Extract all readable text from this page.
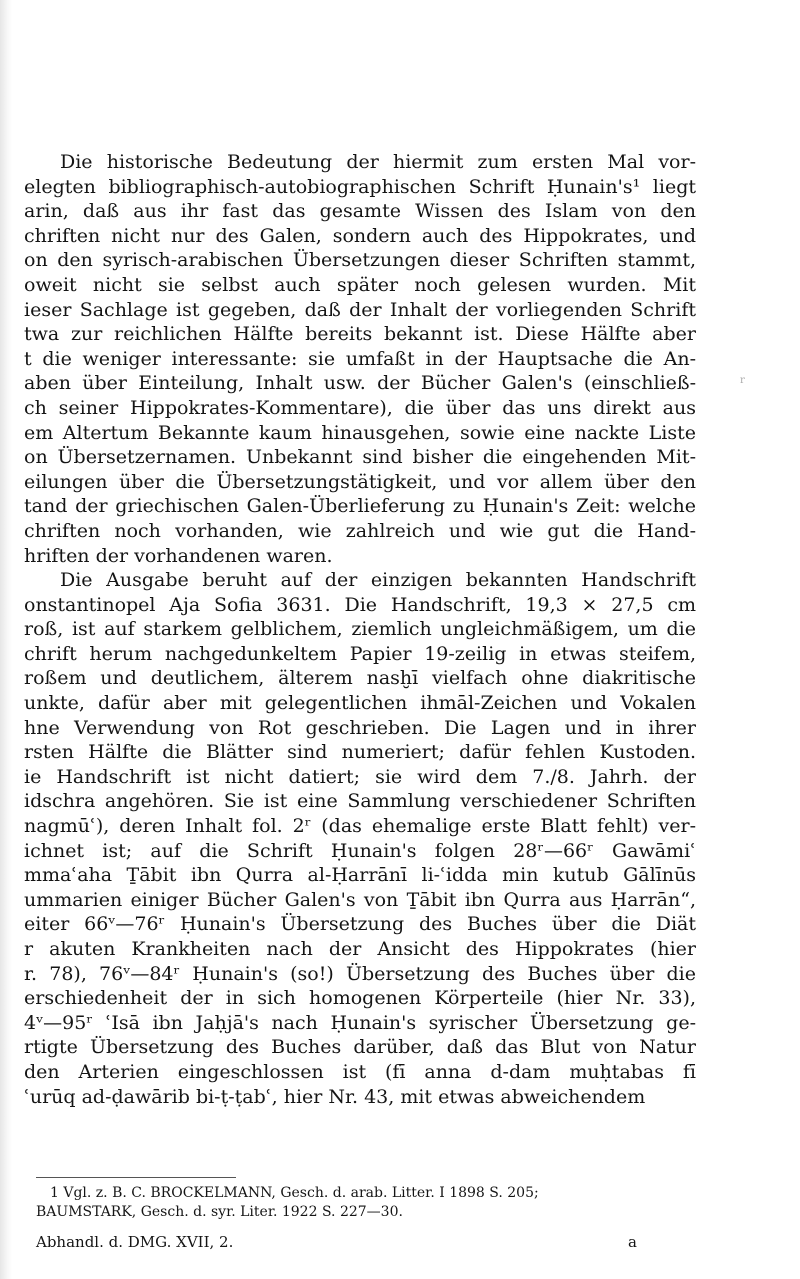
Die historische Bedeutung der hiermit zum ersten Mal vor-
elegten bibliographisch-autobiographischen Schrift Ḥunain's¹ liegt
arin, daß aus ihr fast das gesamte Wissen des Islam von den
chriften nicht nur des Galen, sondern auch des Hippokrates, und
on den syrisch-arabischen Übersetzungen dieser Schriften stammt,
oweit nicht sie selbst auch später noch gelesen wurden. Mit
ieser Sachlage ist gegeben, daß der Inhalt der vorliegenden Schrift
twa zur reichlichen Hälfte bereits bekannt ist. Diese Hälfte aber
t die weniger interessante: sie umfaßt in der Hauptsache die An-
aben über Einteilung, Inhalt usw. der Bücher Galen's (einschließ-
ch seiner Hippokrates-Kommentare), die über das uns direkt aus
em Altertum Bekannte kaum hinausgehen, sowie eine nackte Liste
on Übersetzernamen. Unbekannt sind bisher die eingehenden Mit-
eilungen über die Übersetzungstätigkeit, und vor allem über den
tand der griechischen Galen-Überlieferung zu Ḥunain's Zeit: welche
chriften noch vorhanden, wie zahlreich und wie gut die Hand-
hriften der vorhandenen waren.
Die Ausgabe beruht auf der einzigen bekannten Handschrift
onstantinopel Aja Sofia 3631. Die Handschrift, 19,3 × 27,5 cm
roß, ist auf starkem gelblichem, ziemlich ungleichmäßigem, um die
chrift herum nachgedunkeltem Papier 19-zeilig in etwas steifem,
roßem und deutlichem, älterem nasḫī vielfach ohne diakritische
unkte, dafür aber mit gelegentlichen ihmāl-Zeichen und Vokalen
hne Verwendung von Rot geschrieben. Die Lagen und in ihrer
rsten Hälfte die Blätter sind numeriert; dafür fehlen Kustoden.
ie Handschrift ist nicht datiert; sie wird dem 7./8. Jahrh. der
idschra angehören. Sie ist eine Sammlung verschiedener Schriften
nagmūʿ), deren Inhalt fol. 2ʳ (das ehemalige erste Blatt fehlt) ver-
ichnet ist; auf die Schrift Ḥunain's folgen 28ʳ—66ʳ Gawāmiʿ
mmaʿaha Ṯābit ibn Qurra al-Ḥarrānī li-ʿidda min kutub Gālīnūs
ummarien einiger Bücher Galen's von Ṯābit ibn Qurra aus Ḥarrān“,
eiter 66ᵛ—76ʳ Ḥunain's Übersetzung des Buches über die Diät
r akuten Krankheiten nach der Ansicht des Hippokrates (hier
r. 78), 76ᵛ—84ʳ Ḥunain's (so!) Übersetzung des Buches über die
erschiedenheit der in sich homogenen Körperteile (hier Nr. 33),
4ᵛ—95ʳ ʿIsā ibn Jaḥjā's nach Ḥunain's syrischer Übersetzung ge-
rtigte Übersetzung des Buches darüber, daß das Blut von Natur
den Arterien eingeschlossen ist (fī anna d-dam muḥtabas fī
ʿurūq ad-ḍawārib bi-ṭ-ṭabʿ, hier Nr. 43, mit etwas abweichendem
r
1 Vgl. z. B. C. BROCKELMANN, Gesch. d. arab. Litter. I 1898 S. 205;
BAUMSTARK, Gesch. d. syr. Liter. 1922 S. 227—30.
Abhandl. d. DMG. XVII, 2.	a
